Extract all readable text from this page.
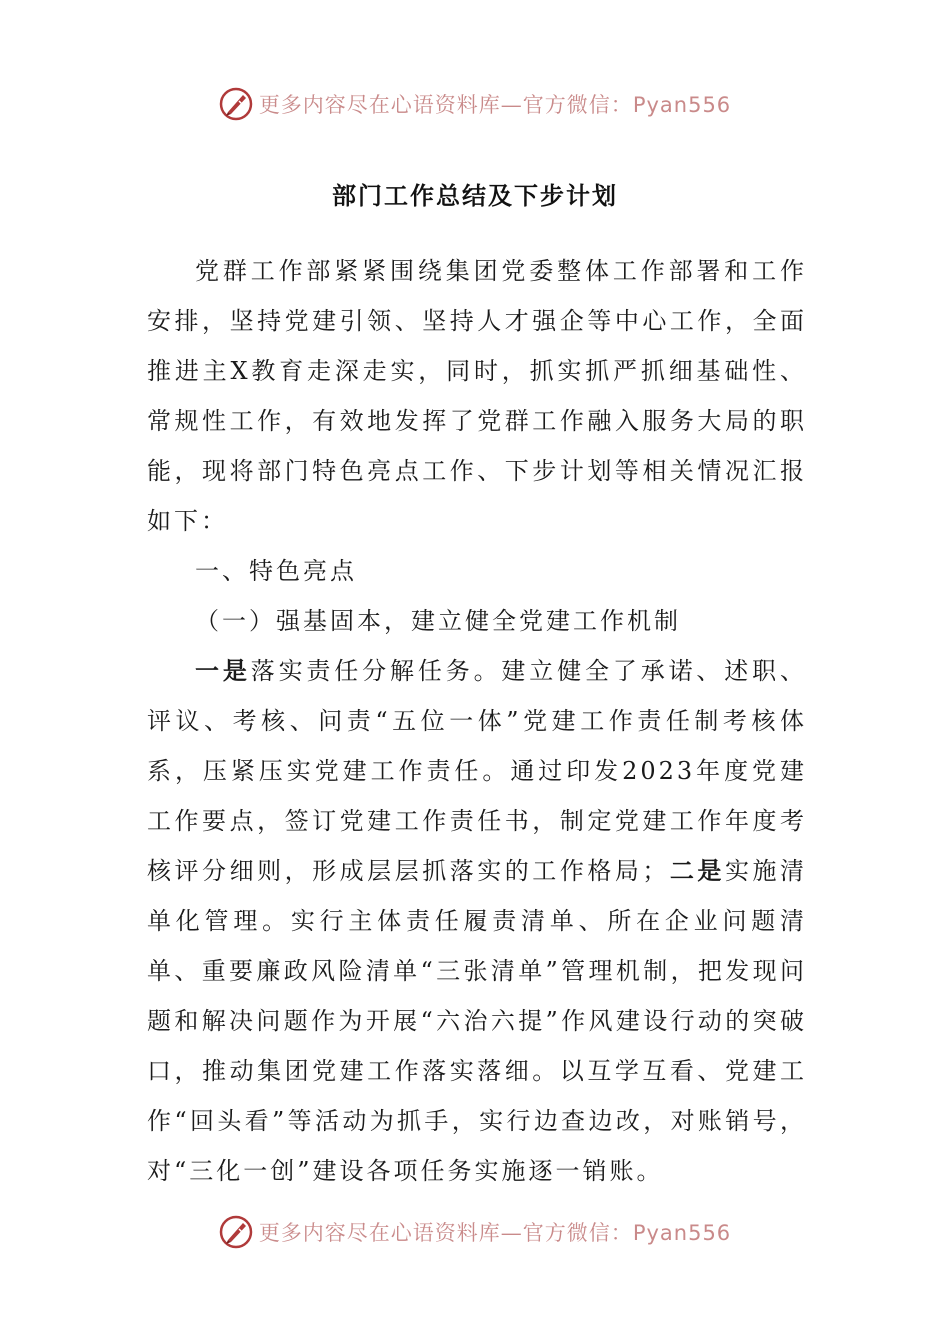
更多内容尽在心语资料库—官方微信：Pyan556
部门工作总结及下步计划

党群工作部紧紧围绕集团党委整体工作部署和工作安排，坚持党建引领、坚持人才强企等中心工作，全面推进主X教育走深走实，同时，抓实抓严抓细基础性、常规性工作，有效地发挥了党群工作融入服务大局的职能，现将部门特色亮点工作、下步计划等相关情况汇报如下：

一、特色亮点

（一）强基固本，建立健全党建工作机制

一是落实责任分解任务。建立健全了承诺、述职、评议、考核、问责“五位一体”党建工作责任制考核体系，压紧压实党建工作责任。通过印发2023年度党建工作要点，签订党建工作责任书，制定党建工作年度考核评分细则，形成层层抓落实的工作格局；二是实施清单化管理。实行主体责任履责清单、所在企业问题清单、重要廉政风险清单“三张清单”管理机制，把发现问题和解决问题作为开展“六治六提”作风建设行动的突破口，推动集团党建工作落实落细。以互学互看、党建工作“回头看”等活动为抓手，实行边查边改，对账销号，对“三化一创”建设各项任务实施逐一销账。

更多内容尽在心语资料库—官方微信：Pyan556
